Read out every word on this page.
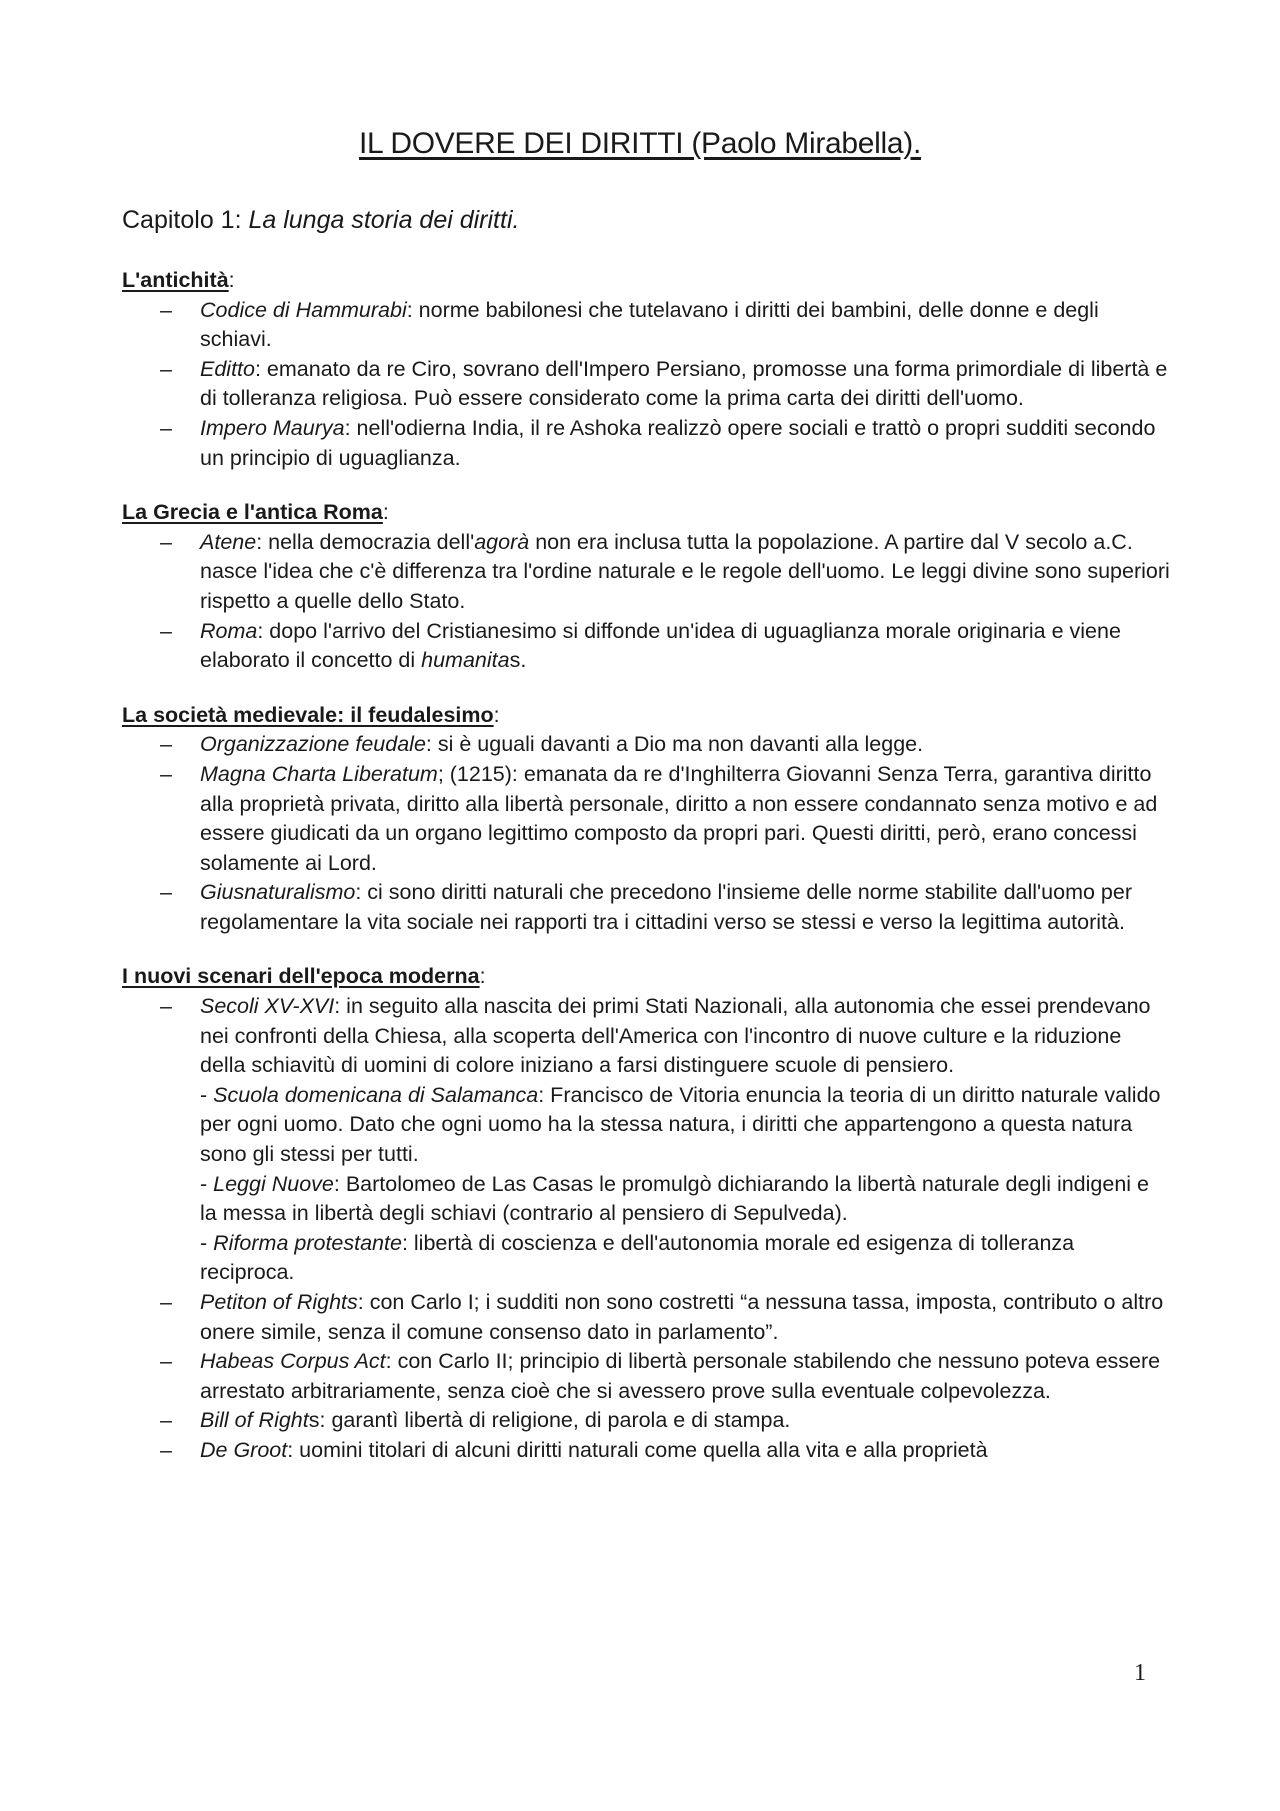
IL DOVERE DEI DIRITTI (Paolo Mirabella).
Capitolo 1: La lunga storia dei diritti.
L'antichità:
– Codice di Hammurabi: norme babilonesi che tutelavano i diritti dei bambini, delle donne e degli schiavi.
– Editto: emanato da re Ciro, sovrano dell'Impero Persiano, promosse una forma primordiale di libertà e di tolleranza religiosa. Può essere considerato come la prima carta dei diritti dell'uomo.
– Impero Maurya: nell'odierna India, il re Ashoka realizzò opere sociali e trattò o propri sudditi secondo un principio di uguaglianza.
La Grecia e l'antica Roma:
– Atene: nella democrazia dell'agorà non era inclusa tutta la popolazione. A partire dal V secolo a.C. nasce l'idea che c'è differenza tra l'ordine naturale e le regole dell'uomo. Le leggi divine sono superiori rispetto a quelle dello Stato.
– Roma: dopo l'arrivo del Cristianesimo si diffonde un'idea di uguaglianza morale originaria e viene elaborato il concetto di humanitas.
La società medievale: il feudalesimo:
– Organizzazione feudale: si è uguali davanti a Dio ma non davanti alla legge.
– Magna Charta Liberatum; (1215): emanata da re d'Inghilterra Giovanni Senza Terra, garantiva diritto alla proprietà privata, diritto alla libertà personale, diritto a non essere condannato senza motivo e ad essere giudicati da un organo legittimo composto da propri pari. Questi diritti, però, erano concessi solamente ai Lord.
– Giusnaturalismo: ci sono diritti naturali che precedono l'insieme delle norme stabilite dall'uomo per regolamentare la vita sociale nei rapporti tra i cittadini verso se stessi e verso la legittima autorità.
I nuovi scenari dell'epoca moderna:
– Secoli XV-XVI: in seguito alla nascita dei primi Stati Nazionali, alla autonomia che essei prendevano nei confronti della Chiesa, alla scoperta dell'America con l'incontro di nuove culture e la riduzione della schiavitù di uomini di colore iniziano a farsi distinguere scuole di pensiero.
- Scuola domenicana di Salamanca: Francisco de Vitoria enuncia la teoria di un diritto naturale valido per ogni uomo. Dato che ogni uomo ha la stessa natura, i diritti che appartengono a questa natura sono gli stessi per tutti.
- Leggi Nuove: Bartolomeo de Las Casas le promulgò dichiarando la libertà naturale degli indigeni e la messa in libertà degli schiavi (contrario al pensiero di Sepulveda).
- Riforma protestante: libertà di coscienza e dell'autonomia morale ed esigenza di tolleranza reciproca.
– Petiton of Rights: con Carlo I; i sudditi non sono costretti “a nessuna tassa, imposta, contributo o altro onere simile, senza il comune consenso dato in parlamento”.
– Habeas Corpus Act: con Carlo II; principio di libertà personale stabilendo che nessuno poteva essere arrestato arbitrariamente, senza cioè che si avessero prove sulla eventuale colpevolezza.
– Bill of Rights: garantì libertà di religione, di parola e di stampa.
– De Groot: uomini titolari di alcuni diritti naturali come quella alla vita e alla proprietà
1
